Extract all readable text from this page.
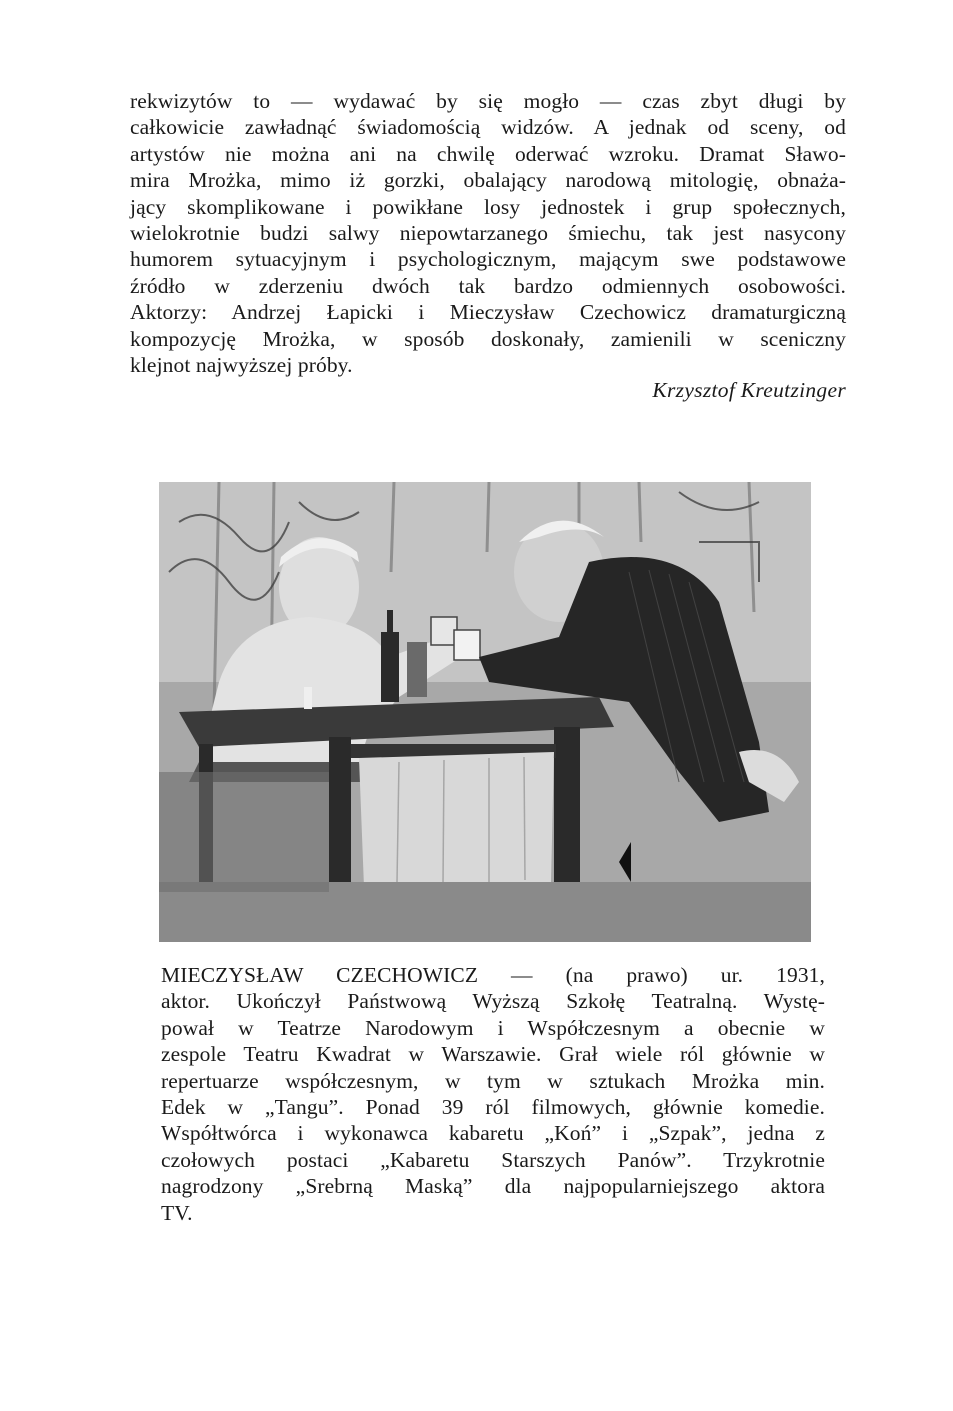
rekwizytów to — wydawać by się mogło — czas zbyt długi by
całkowicie zawładnąć świadomością widzów. A jednak od sceny, od
artystów nie można ani na chwilę oderwać wzroku. Dramat Sławo-
mira Mrożka, mimo iż gorzki, obalający narodową mitologię, obnaża-
jący skomplikowane i powikłane losy jednostek i grup społecznych,
wielokrotnie budzi salwy niepowtarzanego śmiechu, tak jest nasycony
humorem sytuacyjnym i psychologicznym, mającym swe podstawowe
źródło w zderzeniu dwóch tak bardzo odmiennych osobowości.
Aktorzy: Andrzej Łapicki i Mieczysław Czechowicz dramaturgiczną
kompozycję Mrożka, w sposób doskonały, zamienili w sceniczny
klejnot najwyższej próby.
Krzysztof Kreutzinger
MIECZYSŁAW CZECHOWICZ — (na prawo) ur. 1931,
aktor. Ukończył Państwową Wyższą Szkołę Teatralną. Wystę-
pował w Teatrze Narodowym i Współczesnym a obecnie w
zespole Teatru Kwadrat w Warszawie. Grał wiele ról głównie w
repertuarze współczesnym, w tym w sztukach Mrożka min.
Edek w „Tangu”. Ponad 39 ról filmowych, głównie komedie.
Współtwórca i wykonawca kabaretu „Koń” i „Szpak”, jedna z
czołowych postaci „Kabaretu Starszych Panów”. Trzykrotnie
nagrodzony „Srebrną Maską” dla najpopularniejszego aktora
TV.
